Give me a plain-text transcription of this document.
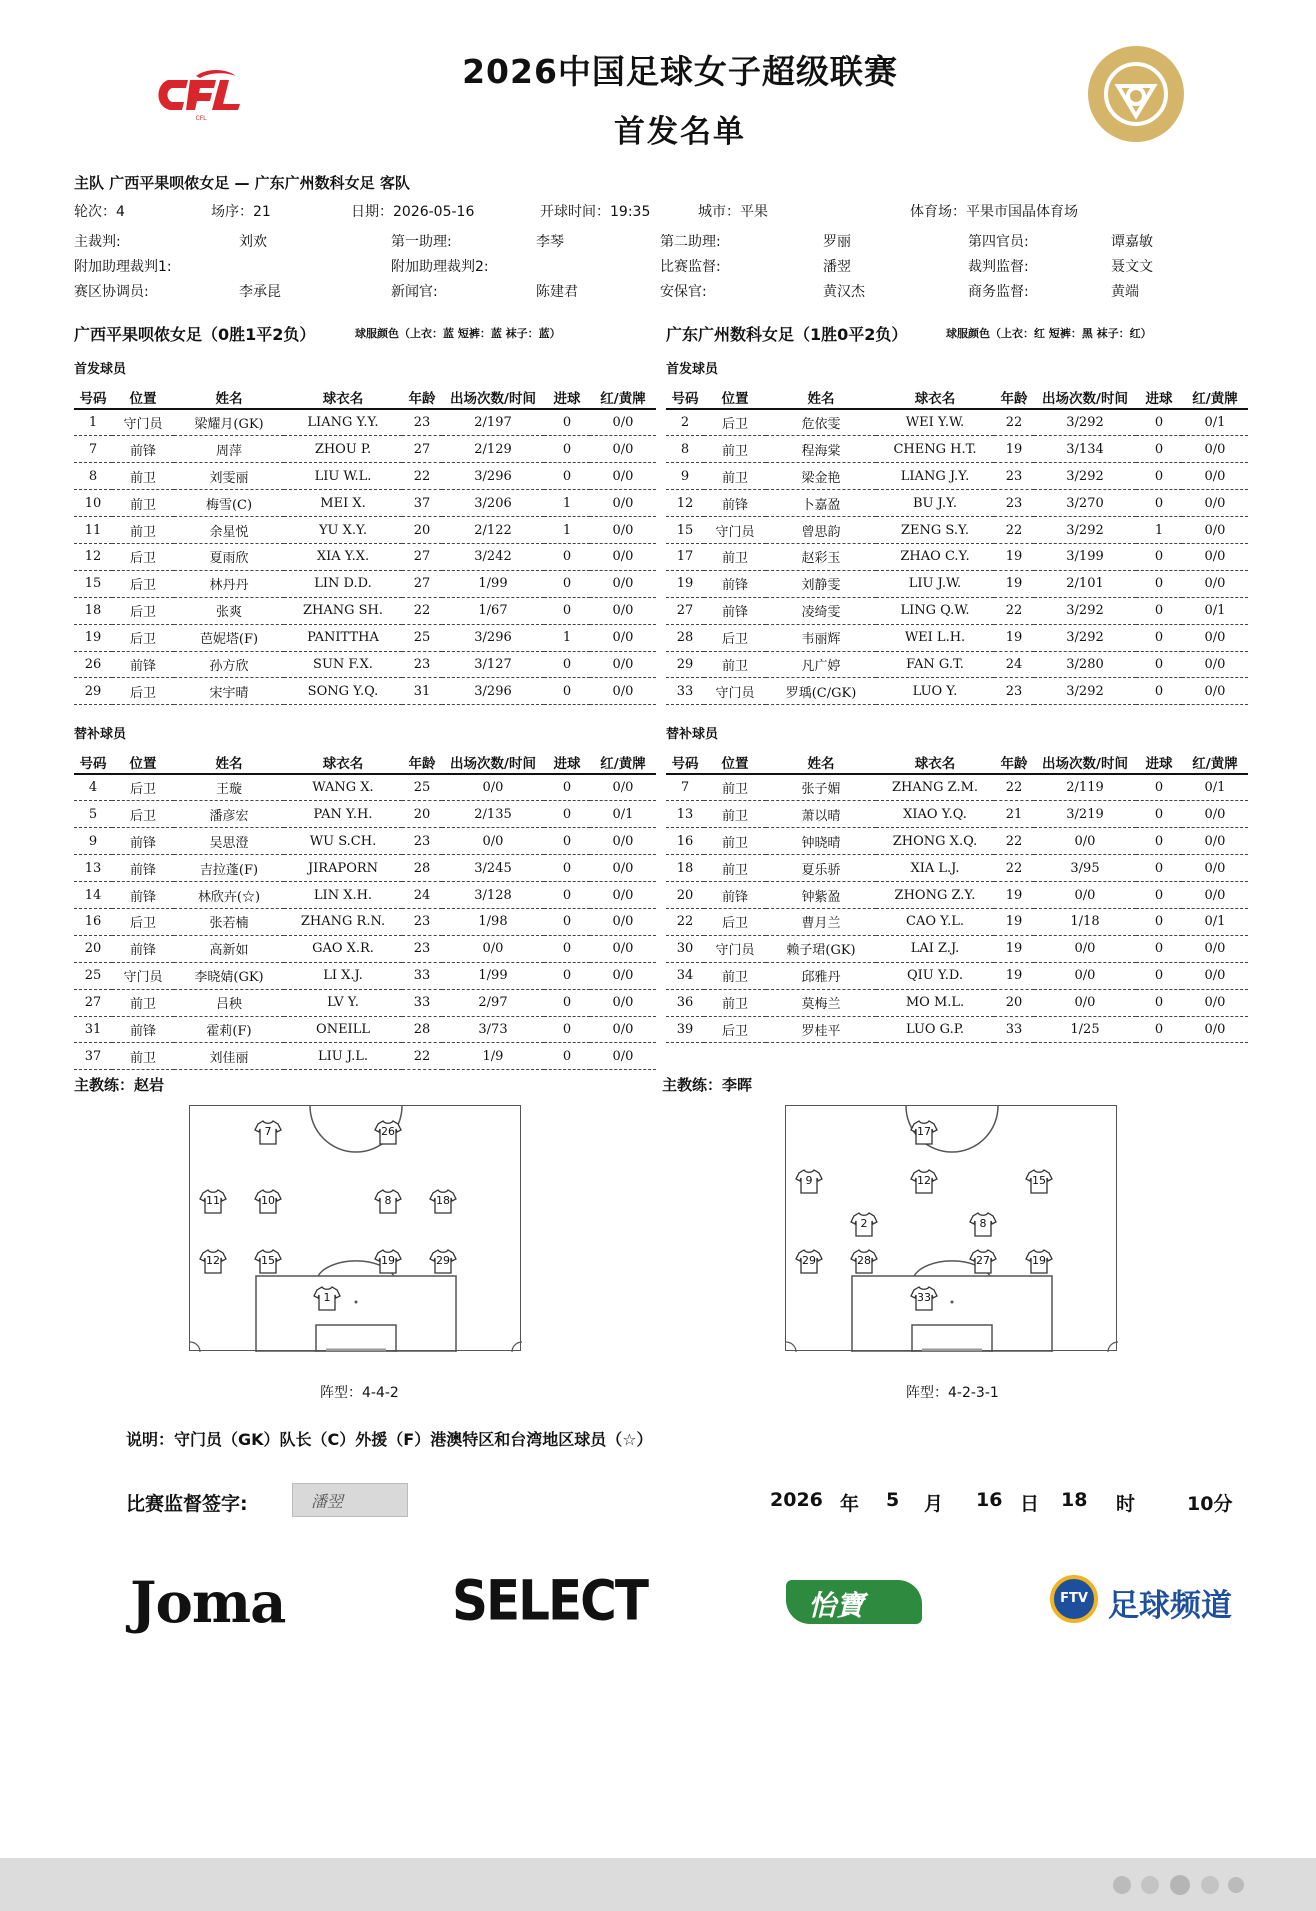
CFL
2026中国足球女子超级联赛
首发名单
主队 广西平果呗侬女足 — 广东广州数科女足 客队
轮次：4	场序：21	日期：2026-05-16	开球时间：19:35	城市：平果	体育场：平果市国晶体育场
主裁判:	刘欢	第一助理:	李琴	第二助理:	罗丽	第四官员:	谭嘉敏
附加助理裁判1:	附加助理裁判2:	比赛监督:	潘翌	裁判监督:	聂文文
赛区协调员:	李承昆	新闻官:	陈建君	安保官:	黄汉杰	商务监督:	黄端
广西平果呗侬女足（0胜1平2负）	球服颜色（上衣：蓝 短裤：蓝 袜子：蓝）	广东广州数科女足（1胜0平2负）	球服颜色（上衣：红 短裤：黑 袜子：红）
首发球员	首发球员
替补球员	替补球员
号码	位置	姓名	球衣名	年龄	出场次数/时间	进球	红/黄牌
1	守门员	梁耀月(GK)	LIANG Y.Y.	23	2/197	0	0/0
7	前锋	周萍	ZHOU P.	27	2/129	0	0/0
8	前卫	刘雯丽	LIU W.L.	22	3/296	0	0/0
10	前卫	梅雪(C)	MEI X.	37	3/206	1	0/0
11	前卫	余星悦	YU X.Y.	20	2/122	1	0/0
12	后卫	夏雨欣	XIA Y.X.	27	3/242	0	0/0
15	后卫	林丹丹	LIN D.D.	27	1/99	0	0/0
18	后卫	张爽	ZHANG SH.	22	1/67	0	0/0
19	后卫	芭妮塔(F)	PANITTHA	25	3/296	1	0/0
26	前锋	孙方欣	SUN F.X.	23	3/127	0	0/0
29	后卫	宋宇晴	SONG Y.Q.	31	3/296	0	0/0
号码	位置	姓名	球衣名	年龄	出场次数/时间	进球	红/黄牌
2	后卫	危依雯	WEI Y.W.	22	3/292	0	0/1
8	前卫	程海棠	CHENG H.T.	19	3/134	0	0/0
9	前卫	梁金艳	LIANG J.Y.	23	3/292	0	0/0
12	前锋	卜嘉盈	BU J.Y.	23	3/270	0	0/0
15	守门员	曾思韵	ZENG S.Y.	22	3/292	1	0/0
17	前卫	赵彩玉	ZHAO C.Y.	19	3/199	0	0/0
19	前锋	刘静雯	LIU J.W.	19	2/101	0	0/0
27	前锋	凌绮雯	LING Q.W.	22	3/292	0	0/1
28	后卫	韦丽辉	WEI L.H.	19	3/292	0	0/0
29	前卫	凡广婷	FAN G.T.	24	3/280	0	0/0
33	守门员	罗瑀(C/GK)	LUO Y.	23	3/292	0	0/0
号码	位置	姓名	球衣名	年龄	出场次数/时间	进球	红/黄牌
4	后卫	王璇	WANG X.	25	0/0	0	0/0
5	后卫	潘彦宏	PAN Y.H.	20	2/135	0	0/1
9	前锋	吴思澄	WU S.CH.	23	0/0	0	0/0
13	前锋	吉拉蓬(F)	JIRAPORN	28	3/245	0	0/0
14	前锋	林欣卉(☆)	LIN X.H.	24	3/128	0	0/0
16	后卫	张若楠	ZHANG R.N.	23	1/98	0	0/0
20	前锋	高新如	GAO X.R.	23	0/0	0	0/0
25	守门员	李晓婧(GK)	LI X.J.	33	1/99	0	0/0
27	前卫	吕秧	LV Y.	33	2/97	0	0/0
31	前锋	霍莉(F)	ONEILL	28	3/73	0	0/0
37	前卫	刘佳丽	LIU J.L.	22	1/9	0	0/0
号码	位置	姓名	球衣名	年龄	出场次数/时间	进球	红/黄牌
7	前卫	张子媚	ZHANG Z.M.	22	2/119	0	0/1
13	前卫	萧以晴	XIAO Y.Q.	21	3/219	0	0/0
16	前卫	钟晓晴	ZHONG X.Q.	22	0/0	0	0/0
18	前卫	夏乐骄	XIA L.J.	22	3/95	0	0/0
20	前锋	钟紫盈	ZHONG Z.Y.	19	0/0	0	0/0
22	后卫	曹月兰	CAO Y.L.	19	1/18	0	0/1
30	守门员	赖子珺(GK)	LAI Z.J.	19	0/0	0	0/0
34	前卫	邱雅丹	QIU Y.D.	19	0/0	0	0/0
36	前卫	莫梅兰	MO M.L.	20	0/0	0	0/0
39	后卫	罗桂平	LUO G.P.	33	1/25	0	0/0
主教练：赵岩	主教练：李晖
7	26
11	10	8	18
12	15	19	29
1
17
9	12	15
2	8
29	28	27	19
33
阵型：4-4-2	阵型：4-2-3-1
说明：守门员（GK）队长（C）外援（F）港澳特区和台湾地区球员（☆）
比赛监督签字:	潘翌	2026 年 5 月 16 日 18 时	10分
Joma	SELECT	怡寶	FTV 足球频道
